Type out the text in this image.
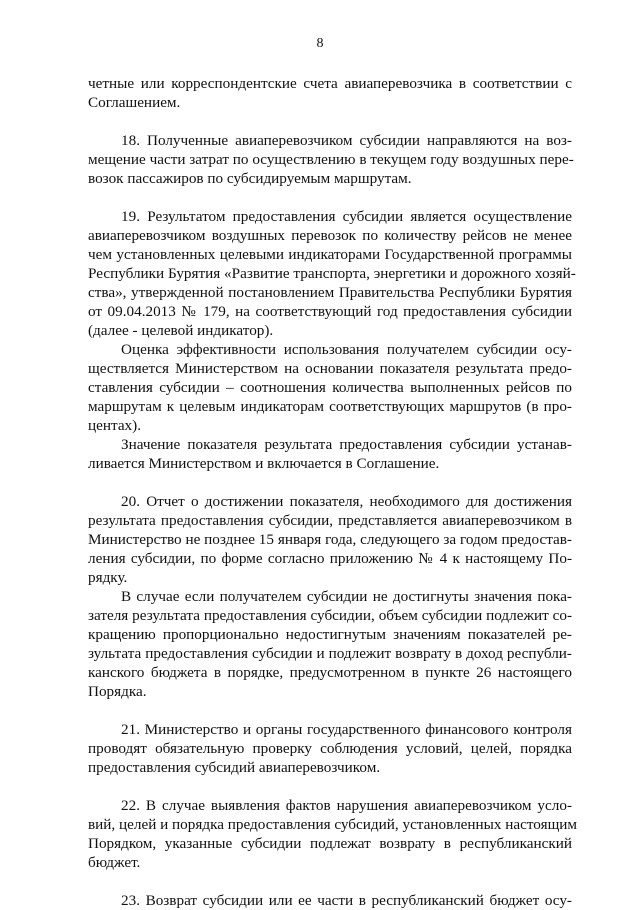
8
четные или корреспондентские счета авиаперевозчика в соответствии с
Соглашением.
18. Полученные авиаперевозчиком субсидии направляются на воз-
мещение части затрат по осуществлению в текущем году воздушных пере-
возок пассажиров по субсидируемым маршрутам.
19. Результатом предоставления субсидии является осуществление
авиаперевозчиком воздушных перевозок по количеству рейсов не менее
чем установленных целевыми индикаторами Государственной программы
Республики Бурятия «Развитие транспорта, энергетики и дорожного хозяй-
ства», утвержденной постановлением Правительства Республики Бурятия
от 09.04.2013 № 179, на соответствующий год предоставления субсидии
(далее - целевой индикатор).
Оценка эффективности использования получателем субсидии осу-
ществляется Министерством на основании показателя результата предо-
ставления субсидии – соотношения количества выполненных рейсов по
маршрутам к целевым индикаторам соответствующих маршрутов (в про-
центах).
Значение показателя результата предоставления субсидии устанав-
ливается Министерством и включается в Соглашение.
20. Отчет о достижении показателя, необходимого для достижения
результата предоставления субсидии, представляется авиаперевозчиком в
Министерство не позднее 15 января года, следующего за годом предостав-
ления субсидии, по форме согласно приложению № 4 к настоящему По-
рядку.
В случае если получателем субсидии не достигнуты значения пока-
зателя результата предоставления субсидии, объем субсидии подлежит со-
кращению пропорционально недостигнутым значениям показателей ре-
зультата предоставления субсидии и подлежит возврату в доход республи-
канского бюджета в порядке, предусмотренном в пункте 26 настоящего
Порядка.
21. Министерство и органы государственного финансового контроля
проводят обязательную проверку соблюдения условий, целей, порядка
предоставления субсидий авиаперевозчиком.
22. В случае выявления фактов нарушения авиаперевозчиком усло-
вий, целей и порядка предоставления субсидий, установленных настоящим
Порядком, указанные субсидии подлежат возврату в республиканский
бюджет.
23. Возврат субсидии или ее части в республиканский бюджет осу-
